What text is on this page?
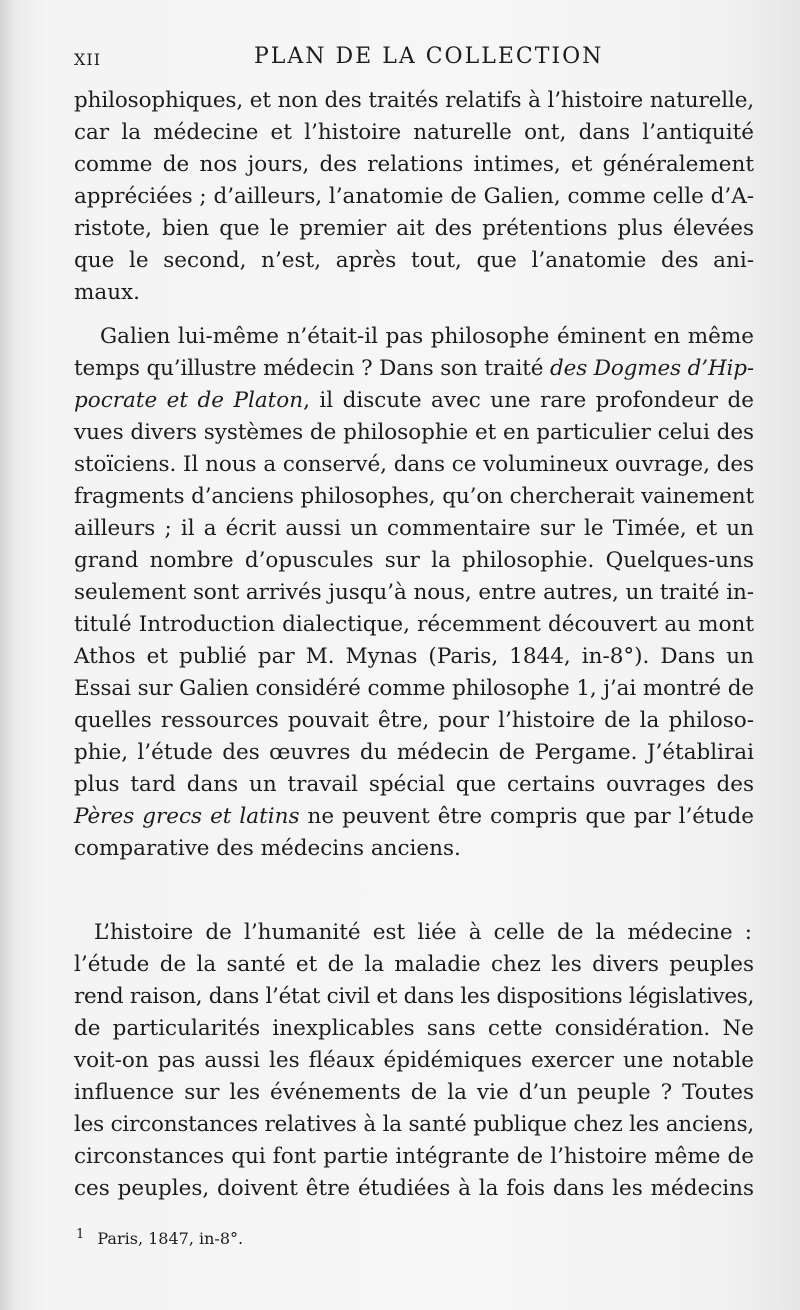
XII	PLAN DE LA COLLECTION
philosophiques, et non des traités relatifs à l’histoire naturelle,
car la médecine et l’histoire naturelle ont, dans l’antiquité
comme de nos jours, des relations intimes, et généralement
appréciées ; d’ailleurs, l’anatomie de Galien, comme celle d’A-
ristote, bien que le premier ait des prétentions plus élevées
que le second, n’est, après tout, que l’anatomie des ani-
maux.
Galien lui-même n’était-il pas philosophe éminent en même
temps qu’illustre médecin ? Dans son traité des Dogmes d’Hip-
pocrate et de Platon, il discute avec une rare profondeur de
vues divers systèmes de philosophie et en particulier celui des
stoïciens. Il nous a conservé, dans ce volumineux ouvrage, des
fragments d’anciens philosophes, qu’on chercherait vainement
ailleurs ; il a écrit aussi un commentaire sur le Timée, et un
grand nombre d’opuscules sur la philosophie. Quelques-uns
seulement sont arrivés jusqu’à nous, entre autres, un traité in-
titulé Introduction dialectique, récemment découvert au mont
Athos et publié par M. Mynas (Paris, 1844, in-8°). Dans un
Essai sur Galien considéré comme philosophe 1, j’ai montré de
quelles ressources pouvait être, pour l’histoire de la philoso-
phie, l’étude des œuvres du médecin de Pergame. J’établirai
plus tard dans un travail spécial que certains ouvrages des
Pères grecs et latins ne peuvent être compris que par l’étude
comparative des médecins anciens.
L’histoire de l’humanité est liée à celle de la médecine :
l’étude de la santé et de la maladie chez les divers peuples
rend raison, dans l’état civil et dans les dispositions législatives,
de particularités inexplicables sans cette considération. Ne
voit-on pas aussi les fléaux épidémiques exercer une notable
influence sur les événements de la vie d’un peuple ? Toutes
les circonstances relatives à la santé publique chez les anciens,
circonstances qui font partie intégrante de l’histoire même de
ces peuples, doivent être étudiées à la fois dans les médecins
$^1$ Paris, 1847, in-8°.
